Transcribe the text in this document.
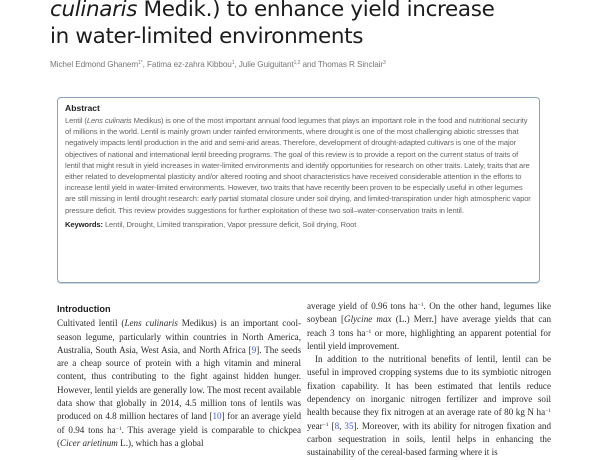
culinaris Medik.) to enhance yield increase
in water-limited environments
Michel Edmond Ghanem$^{1*}$, Fatima ez-zahra Kibbou$^1$, Julie Guiguitant$^{1,2}$ and Thomas R Sinclair$^3$
Abstract
Lentil (Lens culinaris Medikus) is one of the most important annual food legumes that plays an important role in the food and nutritional security of millions in the world. Lentil is mainly grown under rainfed environments, where drought is one of the most challenging abiotic stresses that negatively impacts lentil production in the arid and semi-arid areas. Therefore, development of drought-adapted cultivars is one of the major objectives of national and international lentil breeding programs. The goal of this review is to provide a report on the current status of traits of lentil that might result in yield increases in water-limited environments and identify opportunities for research on other traits. Lately, traits that are either related to developmental plasticity and/or altered rooting and shoot characteristics have received considerable attention in the efforts to increase lentil yield in water-limited environments. However, two traits that have recently been proven to be especially useful in other legumes are still missing in lentil drought research: early partial stomatal closure under soil drying, and limited-transpiration under high atmospheric vapor pressure deficit. This review provides suggestions for further exploitation of these two soil–water-conservation traits in lentil.
Keywords: Lentil, Drought, Limited transpiration, Vapor pressure deficit, Soil drying, Root
Introduction

Cultivated lentil (Lens culinaris Medikus) is an important cool-season legume, particularly within countries in North America, Australia, South Asia, West Asia, and North Africa [9]. The seeds are a cheap source of protein with a high vitamin and mineral content, thus contributing to the fight against hidden hunger. However, lentil yields are generally low. The most recent available data show that globally in 2014, 4.5 million tons of lentils was produced on 4.8 million hectares of land [10] for an average yield of 0.94 tons $ha^{-1}$. This average yield is comparable to chickpea (Cicer arietinum L.), which has a global

average yield of 0.96 tons $ha^{-1}$. On the other hand, legumes like soybean [Glycine max (L.) Merr.] have average yields that can reach 3 tons $ha^{-1}$ or more, highlighting an apparent potential for lentil yield improvement.

In addition to the nutritional benefits of lentil, lentil can be useful in improved cropping systems due to its symbiotic nitrogen fixation capability. It has been estimated that lentils reduce dependency on inorganic nitrogen fertilizer and improve soil health because they fix nitrogen at an average rate of 80 kg N $ha^{-1}$ year$^{-1}$ [8, 35]. Moreover, with its ability for nitrogen fixation and carbon sequestration in soils, lentil helps in enhancing the sustainability of the cereal-based farming where it is
